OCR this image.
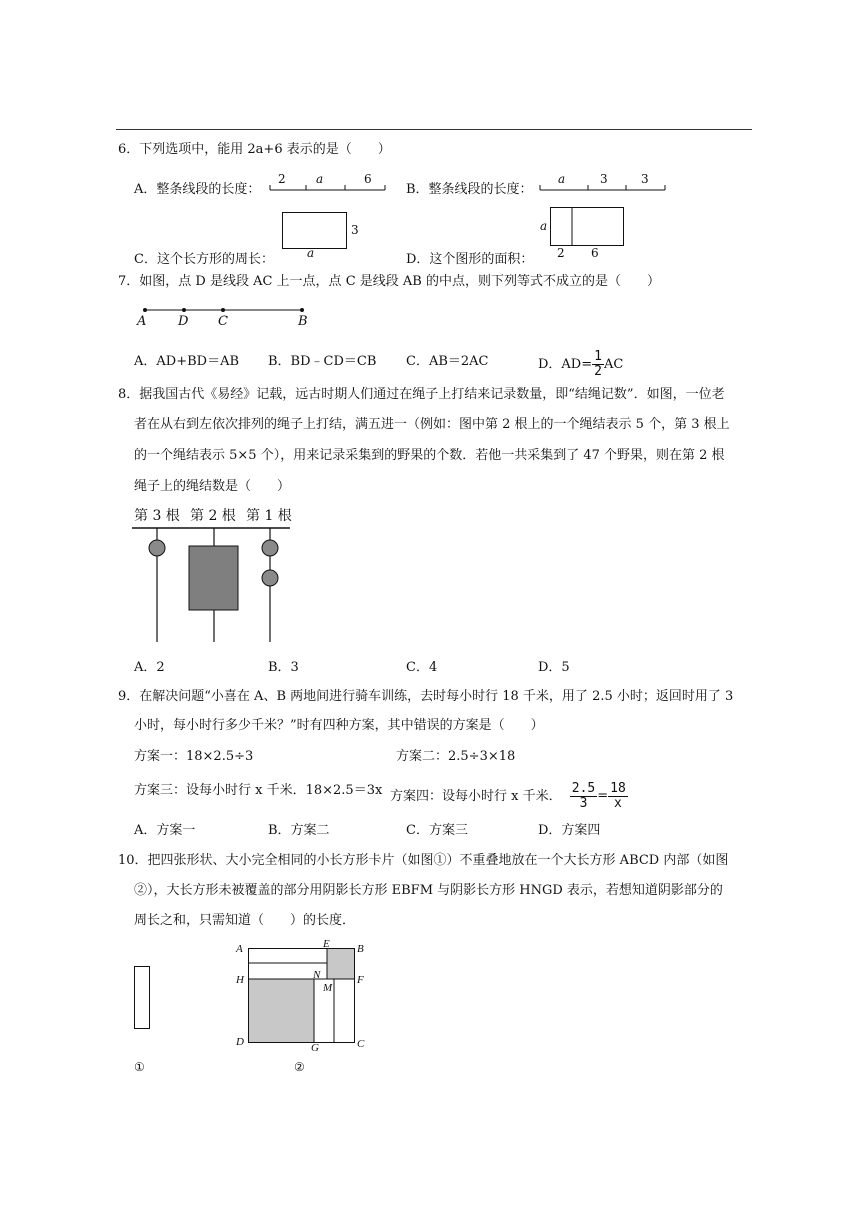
6．下列选项中，能用 2a+6 表示的是（　　）
A．整条线段的长度：
2	a	6
B．整条线段的长度：
a	3	3
C．这个长方形的周长：
3
a	D．这个图形的面积：
a
2 6
7．如图，点 D 是线段 AC 上一点，点 C 是线段 AB 的中点，则下列等式不成立的是（　　）
A D C	B
A．AD+BD＝AB B．BD﹣CD＝CB C．AB＝2AC	D．$AD= \frac{1}{2}$ AC
8．据我国古代《易经》记载，远古时期人们通过在绳子上打结来记录数量，即“结绳记数”．如图，一位老
者在从右到左依次排列的绳子上打结，满五进一（例如：图中第 2 根上的一个绳结表示 5 个，第 3 根上
的一个绳结表示 5×5 个），用来记录采集到的野果的个数．若他一共采集到了 47 个野果，则在第 2 根
绳子上的绳结数是（　　）
第 3 根 第 2 根 第 1 根
A．2	B．3	C．4	D．5
9．在解决问题“小喜在 A、B 两地间进行骑车训练，去时每小时行 18 千米，用了 2.5 小时；返回时用了 3
小时，每小时行多少千米？”时有四种方案，其中错误的方案是（　　）
方案一：18×2.5÷3	方案二：2.5÷3×18
方案三：设每小时行 x 千米．18×2.5＝3x 方案四：设每小时行 x 千米． $\frac{2.5}{3} = \frac{18}{x}$
A．方案一	B．方案二	C．方案三	D．方案四
10．把四张形状、大小完全相同的小长方形卡片（如图①）不重叠地放在一个大长方形 ABCD 内部（如图
②），大长方形未被覆盖的部分用阴影长方形 EBFM 与阴影长方形 HNGD 表示，若想知道阴影部分的
周长之和，只需知道（　　）的长度．
①
A	E B
H	N	F
M
D	G	C
②
